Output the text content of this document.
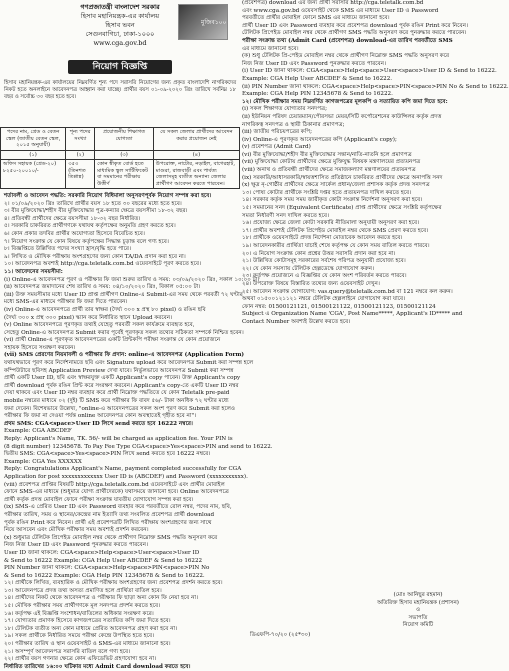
গণপ্রজাতন্ত্রী বাংলাদেশ সরকার
হিসাব মহানিয়ন্ত্রক-এর কার্যালয়
হিসাব ভবন
সেগুনবাগিচা, ঢাকা-১০০০
www.cga.gov.bd
মুজিব১০০
নিয়োগ বিজ্ঞপ্তি
হিসাব মহানিয়ন্ত্রক-এর কার্যালয়ের নিম্নবর্ণিত শূন্য পদে সরাসরি নিয়োগের জন্য প্রকৃত বাংলাদেশি নাগরিকদের নিকট হতে অনলাইনে আবেদনপত্র আহ্বান করা যাচ্ছে। প্রার্থীর বয়স ০১-০৯-২০২০ খ্রিঃ তারিখে সর্বনিম্ন ১৮ বছর ও সর্বোচ্চ ৩০ বছর হতে হবে।
পদের নাম, গ্রেড ও বেতন স্কেল (জাতীয় বেতন স্কেল, ২০১৫ অনুযায়ী)	শূন্য পদের সংখ্যা	প্রয়োজনীয় শিক্ষাগত যোগ্যতা	যে সকল জেলার প্রার্থীদের আবেদন করার প্রয়োজন নেই
(১)	(২)	(৩)	(৪)
অফিস সহায়ক (গ্রেড-২০) ৮২৫০-২০০১০/-	৩৫৩ (তিনশত তিপ্পান্ন)	কোন স্বীকৃত বোর্ড হতে মাধ্যমিক স্কুল সার্টিফিকেট বা সমমানের পরীক্ষায় উত্তীর্ণ	উপরোক্ত, নাটোর, নড়াইল, বাগেরহাট, মাগুরা, রাজবাড়ী এবং পার্বত্য জেলাসমূহ ব্যতীত অন্যান্য জেলার প্রার্থীগণ আবেদন করতে পারবেন।
শর্তাবলী ও আবেদন পদ্ধতি: সরকারি নিয়োগ বিধিমালা অনুসরণপূর্বক নিয়োগ সম্পন্ন করা হবে।
২। ০১/০৯/২০২০ খ্রিঃ তারিখে প্রার্থীর বয়স ১৮ হতে ৩০ বছরের মধ্যে হতে হবে।
৩। বীর মুক্তিযোদ্ধা/শহীদ বীর মুক্তিযোদ্ধার পুত্র-কন্যার ক্ষেত্রে বয়সসীমা ১৮-৩২ বছর।
৪। প্রতিবন্ধী প্রার্থীদের ক্ষেত্রে বয়সসীমা ১৮-৩২ বছর নির্ধারিত।
৫। সরকারি চাকরিরত প্রার্থীগণকে যথাযথ কর্তৃপক্ষের অনুমতি গ্রহণ করতে হবে।
৬। কোন প্রকার তদবির প্রার্থীর অযোগ্যতা হিসেবে বিবেচিত হবে।
৭। নিয়োগ সংক্রান্ত যে কোন বিষয়ে কর্তৃপক্ষের সিদ্ধান্ত চূড়ান্ত বলে গণ্য হবে।
৮। বিজ্ঞপ্তিতে উল্লিখিত পদের সংখ্যা হ্রাস/বৃদ্ধি হতে পারে।
৯। লিখিত ও মৌখিক পরীক্ষায় অংশগ্রহণের জন্য কোন TA/DA প্রদান করা হবে না।
১০। আবেদনপত্র অবশ্যই http://cga.teletalk.com.bd ওয়েবসাইটে পূরণ করতে হবে।
১১। আবেদনের সময়সীমা:
(i) Online-এ আবেদনপত্র পূরণ ও পরীক্ষার ফি জমা শুরুর তারিখ ও সময়: ০৩/০৯/২০২০ খ্রিঃ, সকাল ১০:০০ টা।
(ii) আবেদনপত্র জমাদানের শেষ তারিখ ও সময়: ০৪/১০/২০২০ খ্রিঃ, বিকাল ০৫:০০ টা।
(iii) উক্ত সময়সীমার মধ্যে User ID প্রাপ্ত প্রার্থীগণ Online-এ Submit-এর সময় থেকে পরবর্তী ৭২ ঘণ্টার
মধ্যে SMS-এর মাধ্যমে পরীক্ষার ফি জমা দিতে পারবেন।
(iv) Online-এ আবেদনপত্রে প্রার্থী তার স্বাক্ষর (দৈর্ঘ্য ৩০০ x প্রস্থ ৮০ pixel) ও রঙিন ছবি
(দৈর্ঘ্য ৩০০ x প্রস্থ ৩০০ pixel) স্ক্যান করে নির্ধারিত স্থানে Upload করবেন।
(v) Online আবেদনপত্রে পূরণকৃত তথ্যই যেহেতু পরবর্তী সকল কার্যক্রমে ব্যবহৃত হবে,
সেহেতু Online-এ আবেদনপত্র Submit করার পূর্বেই পূরণকৃত সকল তথ্যের সঠিকতা সম্পর্কে নিশ্চিত হবেন।
(vi) প্রার্থী Online-এ পূরণকৃত আবেদনপত্রের একটি প্রিন্টকপি পরীক্ষা সংক্রান্ত যে কোন প্রয়োজনে
সহায়ক হিসেবে সংরক্ষণ করবেন।
(vii) SMS প্রেরণের নিয়মাবলী ও পরীক্ষার ফি প্রদান: online-এ আবেদনপত্র (Application Form)
যথাযথভাবে পূরণ করে নির্দেশনামতে ছবি এবং Signature upload করে আবেদনপত্র Submit করা সম্পন্ন হলে
কম্পিউটারে ছবিসহ Application Preview দেখা যাবে। নির্ভুলভাবে আবেদনপত্র Submit করা সম্পন্ন
প্রার্থী একটি User ID, ছবি এবং স্বাক্ষরযুক্ত একটি Applicant's copy পাবেন। উক্ত Applicant's copy
প্রার্থী download পূর্বক রঙিন প্রিন্ট করে সংরক্ষণ করবেন। Applicant's copy-তে একটি User ID নম্বর
দেয়া থাকবে এবং User ID নম্বর ব্যবহার করে প্রার্থী নিম্নোক্ত পদ্ধতিতে যে কোন Teletalk pre-paid
mobile নম্বরের মাধ্যমে ০২ (দুই) টি SMS করে পরীক্ষার ফি বাবদ ৫৬/- টাকা অনধিক ৭২ ঘণ্টার মধ্যে
জমা দেবেন। বিশেষভাবে উল্লেখ্য, "online-এ আবেদনপত্রের সকল অংশ পূরণ করে Submit করা হলেও
পরীক্ষার ফি জমা না দেওয়া পর্যন্ত online আবেদনপত্র কোন অবস্থাতেই গৃহীত হবে না"।
প্রথম SMS: CGA<space>User ID লিখে send করতে হবে 16222 নম্বরে।
Example: CGA ABCDEF
Reply: Applicant's Name, TK. 56/- will be charged as application fee. Your PIN is
(8 digit number) 12345678. To Pay Fee Type CGA<space>Yes<space>PIN and send to 16222.
দ্বিতীয় SMS: CGA<space>Yes<space>PIN লিখে send করতে হবে 16222 নম্বরে।
Example: CGA Yes XXXXXX
Reply: Congratulations Applicant's Name, payment completed successfully for CGA
Application for post xxxxxxxxxxxxx User ID is (ABCDEF) and Password (xxxxxxxxxxx).
(viii) প্রবেশপত্র প্রাপ্তির বিষয়টি http://cga.teletalk.com.bd ওয়েবসাইটে এবং প্রার্থীর মোবাইল
ফোনে SMS-এর মাধ্যমে (শুধুমাত্র যোগ্য প্রার্থীদেরকে) যথাসময়ে জানানো হবে। Online আবেদনপত্রে
প্রার্থী কর্তৃক প্রদত্ত মোবাইল ফোনে পরীক্ষা সংক্রান্ত যাবতীয় যোগাযোগ সম্পন্ন করা হবে।
(ix) SMS-এ প্রেরিত User ID এবং Password ব্যবহার করে পরবর্তীতে রোল নম্বর, পদের নাম, ছবি,
পরীক্ষার তারিখ, সময় ও স্থানের/কেন্দ্রের নাম ইত্যাদি তথ্য সংবলিত প্রবেশপত্র প্রার্থী download
পূর্বক রঙিন Print করে নিবেন। প্রার্থী এই প্রবেশপত্রটি লিখিত পরীক্ষায় অংশগ্রহণের জন্য সাথে
নিয়ে আসবেন এবং মৌখিক পরীক্ষার সময় অবশ্যই প্রদর্শন করবেন।
(x) শুধুমাত্র টেলিটক প্রিপেইড মোবাইল নম্বর থেকে প্রার্থীগণ নিম্নোক্ত SMS পদ্ধতি অনুসরণ করে
নিজ নিজ User ID এবং Password পুনরুদ্ধার করতে পারবেন।
User ID জানা থাকলে: CGA<space>Help<space>User<space>User ID
& Send to 16222 Example: CGA Help User ABCDEF & Send to 16222
PIN Number জানা থাকলে: CGA<space>Help<space>PIN<space>PIN No
& Send to 16222 Example: CGA Help PIN 12345678 & Send to 16222.
১২। প্রার্থীকে লিখিত, ব্যবহারিক ও মৌখিক পরীক্ষায় অংশগ্রহণের জন্য প্রবেশপত্র প্রদর্শন করতে হবে।
১৩। আবেদনপত্রে প্রদত্ত তথ্য অসত্য প্রমাণিত হলে প্রার্থিতা বাতিল হবে।
১৪। প্রার্থীদের নিকট থেকে আবেদনপত্র ও পরীক্ষার ফি ছাড়া অন্য কোন ফি নেয়া হবে না।
১৫। মৌখিক পরীক্ষার সময় প্রার্থীগণকে মূল সনদপত্র প্রদর্শন করতে হবে।
১৬। কর্তৃপক্ষ এই বিজ্ঞপ্তি সংশোধন/বাতিলের অধিকার সংরক্ষণ করে।
১৭। যোগ্যতার প্রমাণক হিসেবে কাগজপত্রের সত্যায়িত কপি জমা দিতে হবে।
১৮। টেলিটক ব্যতীত অন্য কোন মাধ্যমে প্রেরিত আবেদনপত্র গ্রহণ করা হবে না।
১৯। সকল প্রার্থীকে নির্ধারিত সময়ে পরীক্ষা কেন্দ্রে উপস্থিত হতে হবে।
২০। পরীক্ষার তারিখ ও স্থান ওয়েবসাইট ও SMS-এর মাধ্যমে জানানো হবে।
২১। অসম্পূর্ণ আবেদনপত্র সরাসরি বাতিল বলে গণ্য হবে।
২২। প্রার্থীর বয়স গণনার ক্ষেত্রে কোন এফিডেভিট গ্রহণযোগ্য হবে না।
নির্ধারিত তারিখের ১৬:০০ ঘটিকার মধ্যে Admit Card download করতে হবে।
(প্রবেশপত্র) download এর জন্য প্রার্থী সরাসরি http://cga.teletalk.com.bd
এবং www.cga.gov.bd ওয়েবসাইট থেকে SMS এর মাধ্যমে User ID ও Password
পরবর্তীতে প্রার্থীর মোবাইল ফোনে SMS এর মাধ্যমে জানানো হবে।
প্রার্থী User ID এবং Password ব্যবহার করে প্রবেশপত্র download পূর্বক রঙিন Print করে নিবেন।
টেলিটক প্রিপেইড মোবাইল নম্বর থেকে প্রার্থীগণ SMS পদ্ধতি অনুসরণ করে পুনরুদ্ধার করতে পারবেন।
পরীক্ষা সংক্রান্ত তথ্য (Admit Card (প্রবেশপত্র) download-এর তারিখ পরবর্তীতে SMS
এর মাধ্যমে জানানো হবে।
(ক) শুধু টেলিটক প্রি-পেইড মোবাইল নম্বর থেকে প্রার্থীগণ নিম্নোক্ত SMS পদ্ধতি অনুসরণ করে
নিজ নিজ User ID এবং Password পুনরুদ্ধার করতে পারবেন।
(i) User ID জানা থাকলে: CGA<space>Help<space>User<space>User ID & Send to 16222.
Example: CGA Help User ABCDEF & Send to 16222.
(ii) PIN Number জানা থাকলে: CGA<space>Help<space>PIN<space>PIN No & Send to 16222.
Example: CGA Help PIN 12345678 & Send to 16222.
১২। মৌখিক পরীক্ষার সময় নিম্নবর্ণিত কাগজপত্রের মূলকপি ও সত্যায়িত কপি জমা দিতে হবে:
(i) সকল শিক্ষাগত যোগ্যতার সনদপত্র;
(ii) ইউনিয়ন পরিষদ চেয়ারম্যান/পৌরসভা মেয়র/সিটি কর্পোরেশনের কাউন্সিলর কর্তৃক প্রদত্ত
নাগরিকত্ব সনদপত্র ও স্থায়ী ঠিকানার প্রমাণপত্র;
(iii) জাতীয় পরিচয়পত্রের কপি;
(iv) Online-এ পূরণকৃত আবেদনপত্রের কপি (Applicant's copy);
(v) প্রবেশপত্র (Admit Card)
(vi) বীর মুক্তিযোদ্ধা/শহীদ বীর মুক্তিযোদ্ধার সন্তান/নাতি-নাতনি হলে প্রমাণপত্র
(vii) মুক্তিযোদ্ধা কোটায় প্রার্থীদের ক্ষেত্রে মুক্তিযুদ্ধ বিষয়ক মন্ত্রণালয়ের প্রত্যয়নপত্র
(viii) অনাথ ও প্রতিবন্ধী প্রার্থীদের ক্ষেত্রে সমাজকল্যাণ মন্ত্রণালয়ের প্রত্যয়নপত্র
(ix) সরকারি/আধাসরকারি/স্বায়ত্তশাসিত প্রতিষ্ঠানে চাকরিরত প্রার্থীদের ক্ষেত্রে অনাপত্তি সনদ
(x) ক্ষুদ্র নৃ-গোষ্ঠীর প্রার্থীদের ক্ষেত্রে সার্কেল প্রধান/জেলা প্রশাসক কর্তৃক প্রদত্ত সনদপত্র
১৩। পোষ্য কোটার প্রার্থীকে সংশ্লিষ্ট দপ্তর হতে প্রত্যয়নপত্র দাখিল করতে হবে।
১৪। সরকার কর্তৃক সময় সময় জারীকৃত কোটা সংক্রান্ত নির্দেশনা অনুসরণ করা হবে।
১৫। সমমানের সনদ (Equivalent Certificate) প্রাপ্ত প্রার্থীদের ক্ষেত্রে সংশ্লিষ্ট কর্তৃপক্ষের
সমতা নির্ধারণী সনদ দাখিল করতে হবে।
১৬। প্রযোজ্য ক্ষেত্রে জেলা কোটা সরকারি নীতিমালা অনুযায়ী অনুসরণ করা হবে।
১৭। প্রার্থীর অবশ্যই টেলিটক প্রিপেইড মোবাইল নম্বর থেকে SMS প্রেরণ করতে হবে।
১৮। প্রার্থীকে ওয়েবসাইটে প্রদত্ত নির্দেশনা মোতাবেক আবেদন করতে হবে।
১৯। আবেদনকারীর প্রার্থিতা যাচাই শেষে কর্তৃপক্ষ যে কোন সময় বাতিল করতে পারবে।
২০। এ নিয়োগ সংক্রান্ত কোন প্রশ্নের উত্তর সরাসরি প্রদান করা হবে না।
২১। উল্লিখিত কোটাসমূহ সরকারের সর্বশেষ পরিপত্র অনুযায়ী প্রযোজ্য হবে।
২২। যে কোন সমস্যায় টেলিটক হেল্পডেস্কে যোগাযোগ করুন।
২৩। কর্তৃপক্ষ প্রয়োজনে এ বিজ্ঞপ্তির যে কোন অংশ পরিবর্তন করতে পারবে।
২৪। উপরোক্ত বিষয়ে বিস্তারিত তথ্যের জন্য ওয়েবসাইট দেখুন।
২৫। আবেদন সংক্রান্ত যোগাযোগ: vas.query@teletalk.com.bd বা 121 নম্বরে কল করুন।
অথবা ০১৫০০১২১১২১ নম্বরে টেলিটক হেল্পলাইনে যোগাযোগ করা যাবে।
ফোন নম্বর: 01500121121, 01500121122, 01500121123, 01500121124
Subject এ Organization Name 'CGA', Post Name*****, Applicant's ID***** and
Contact Number অবশ্যই উল্লেখ করতে হবে।
(মোঃ আনিছুর রহমান)
অতিরিক্ত হিসাব মহানিয়ন্ত্রক (প্রশাসন)
ও
সভাপতি
নিয়োগ কমিটি
ডিএফপি-৭০/২০ (২৫*৩০)
